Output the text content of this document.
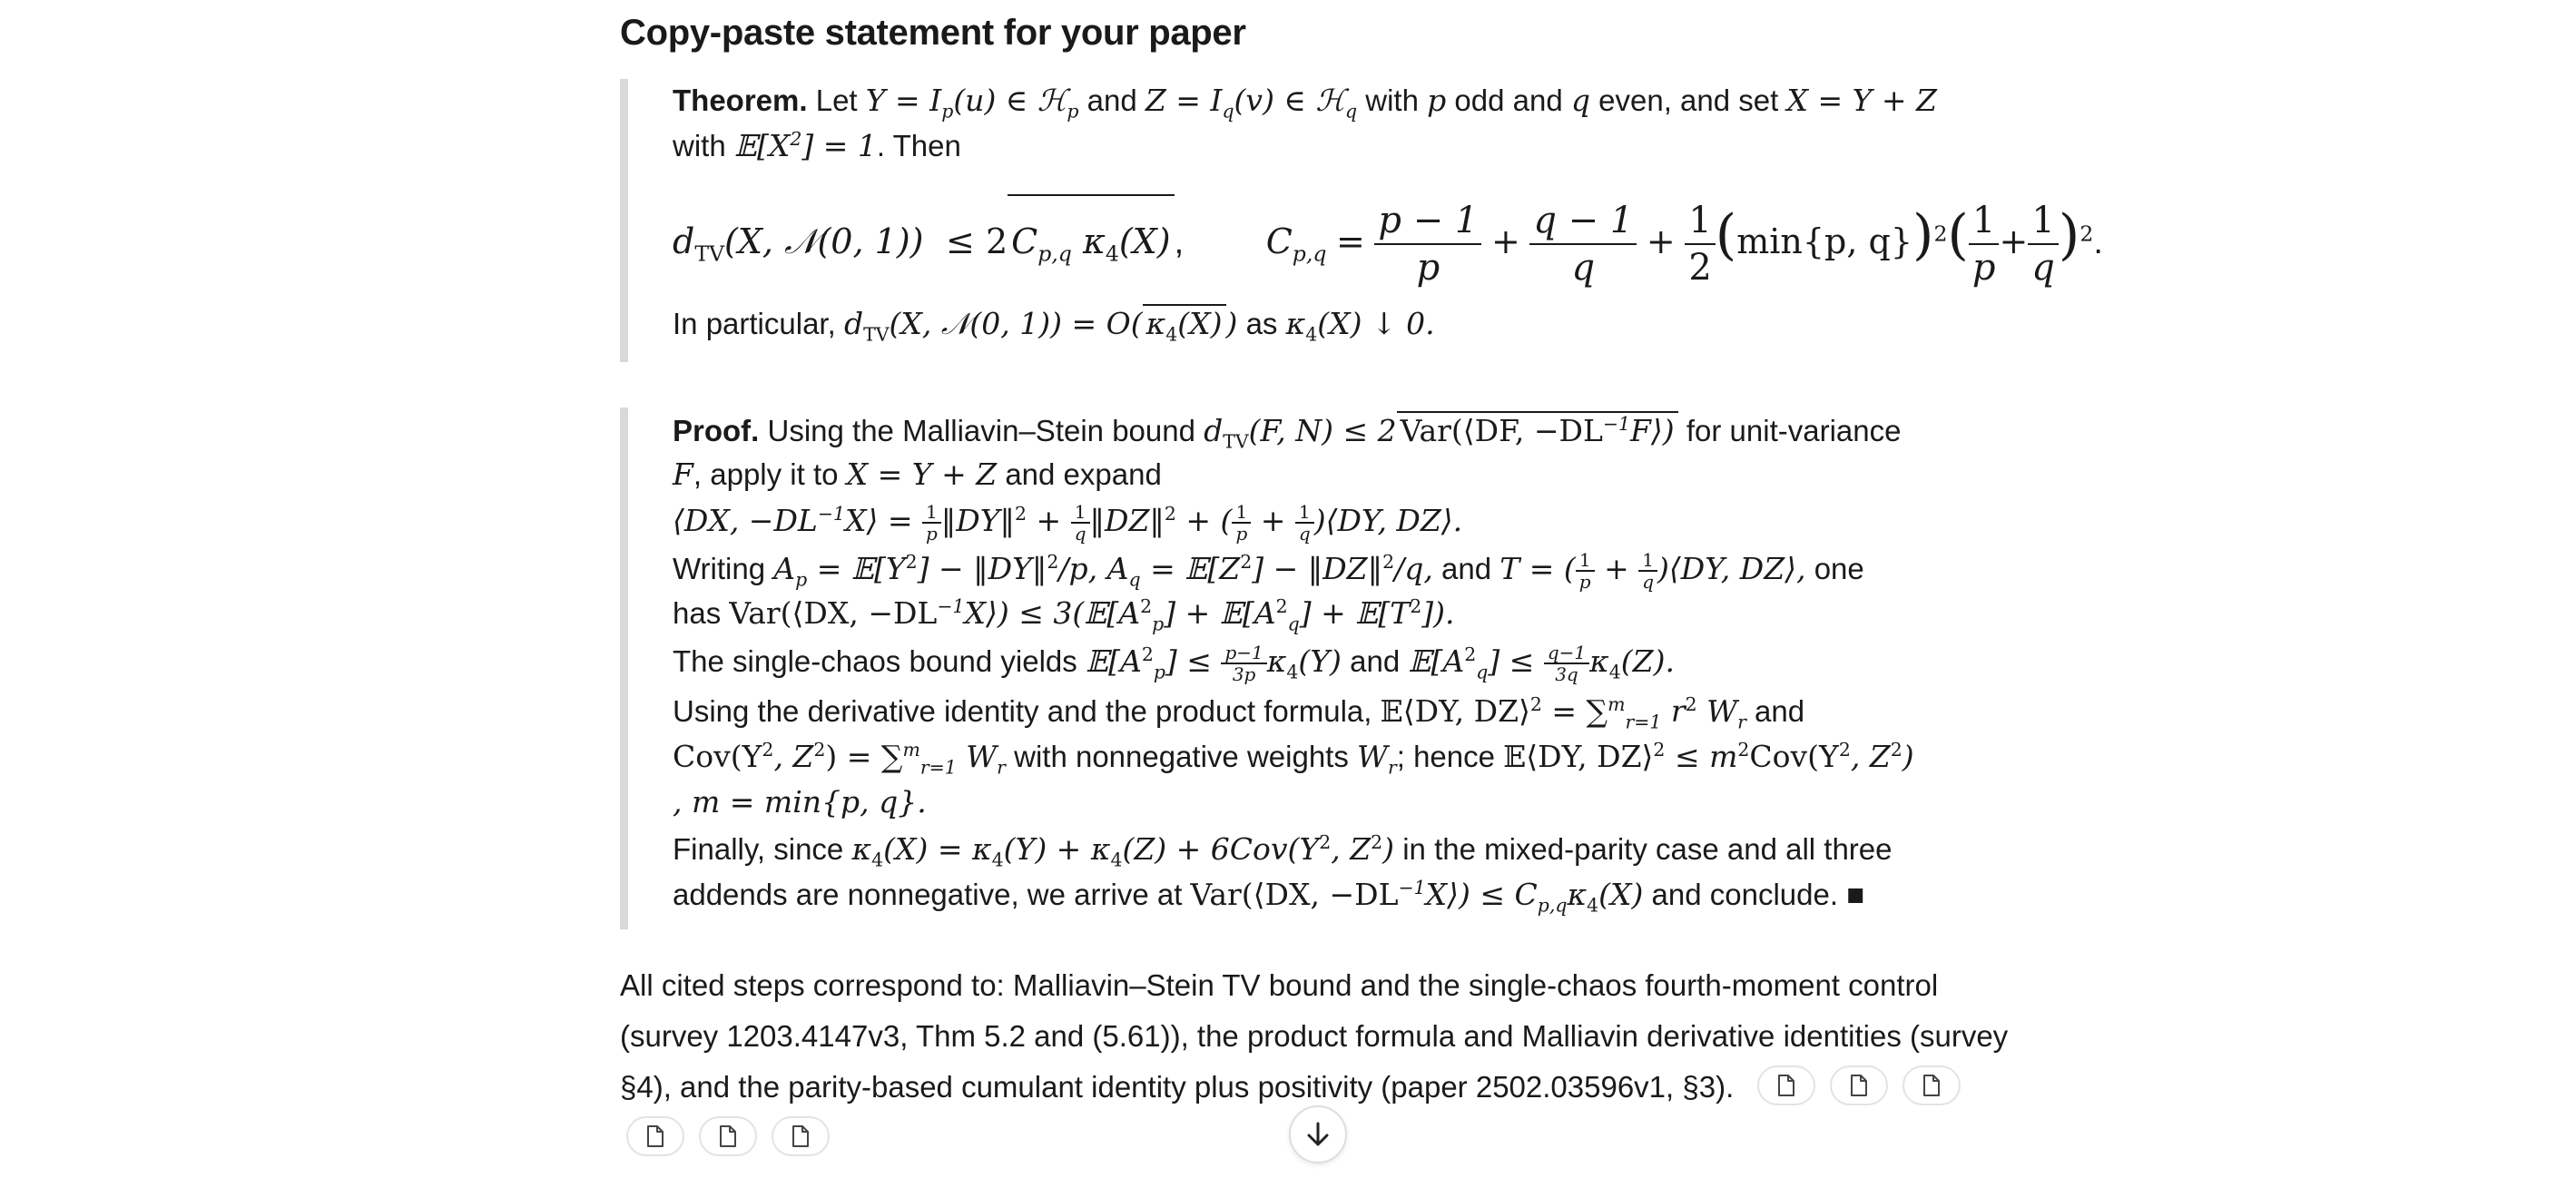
Copy-paste statement for your paper
Theorem. Let $Y = I_p(u)$ ∈ ℋ$_p$ and $Z = I_q(v)$ ∈ ℋ$_q$ with p odd and q even, and set X = Y + Z
with $𝔼[X^2] = 1$. Then
$d_{TV}(X$, 𝒩(0, 1)) ≤ 2 $C_{p,q}$ $\kappa_4(X)$ , $C_{p,q} = \frac{p - 1}{p} + \frac{q - 1}{q} + \frac{1}{2} (\min\{p$, $q\})^2( \frac{1}{p} + \frac{1}{q} )^2$.
In particular, $d_{TV}(X$, 𝒩(0, 1)) = O( $\kappa_4(X)$ ) as $\kappa_4(X)$ ↓ 0.
Proof. Using the Malliavin–Stein bound $d_{TV}(F$, N) ≤ 2 Var(⟨DF, $-DL^{-1}F⟩$) for unit-variance
F, apply it to X = Y + Z and expand
⟨DX, $-DL^{-1}X⟩ = \frac{1}{p}$ ‖DY‖$^2$ + $\frac{1}{q}$ ‖DZ‖$^2$ + ( $\frac{1}{p} + \frac{1}{q}$ )⟨DY, DZ⟩.
Writing $A_p$ = $𝔼[Y^2]$ − ‖DY‖$^2$/p, $A_q$ = $𝔼[Z^2]$ − ‖DZ‖$^2$/q, and T = ( $\frac{1}{p} + \frac{1}{q}$ )⟨DY, DZ⟩, one
has Var(⟨DX, $-DL^{-1}X⟩$) ≤ $3(𝔼[A^2_p]$ + $𝔼[A^2_q]$ + $𝔼[T^2]$).
The single-chaos bound yields $𝔼[A^2_p] \le \frac{p-1}{3p} \kappa_4(Y)$ and $𝔼[A^2_q] \le \frac{q-1}{3q} \kappa_4(Z)$.
Using the derivative identity and the product formula, 𝔼⟨DY, DZ⟩$^2$ = ∑$^m_{r=1}$ $r^2$ $W_r$ and
$Cov(Y^2$, $Z^2) = \sum^m_{r=1}$ $W_r$ with nonnegative weights $W_r$; hence 𝔼⟨DY, DZ⟩$^2$ ≤ $m^2Cov(Y^2$, $Z^2$)
, m = min{p, q}.
Finally, since $\kappa_4(X) = \kappa_4(Y) + \kappa_4(Z) + 6Cov(Y^2$, $Z^2$) in the mixed-parity case and all three
addends are nonnegative, we arrive at Var(⟨DX, $-DL^{-1}X⟩) \le C_{p,q}\kappa_4(X)$ and conclude. ■
All cited steps correspond to: Malliavin–Stein TV bound and the single-chaos fourth-moment control
(survey 1203.4147v3, Thm 5.2 and (5.61)), the product formula and Malliavin derivative identities (survey
§4), and the parity-based cumulant identity plus positivity (paper 2502.03596v1, §3).
